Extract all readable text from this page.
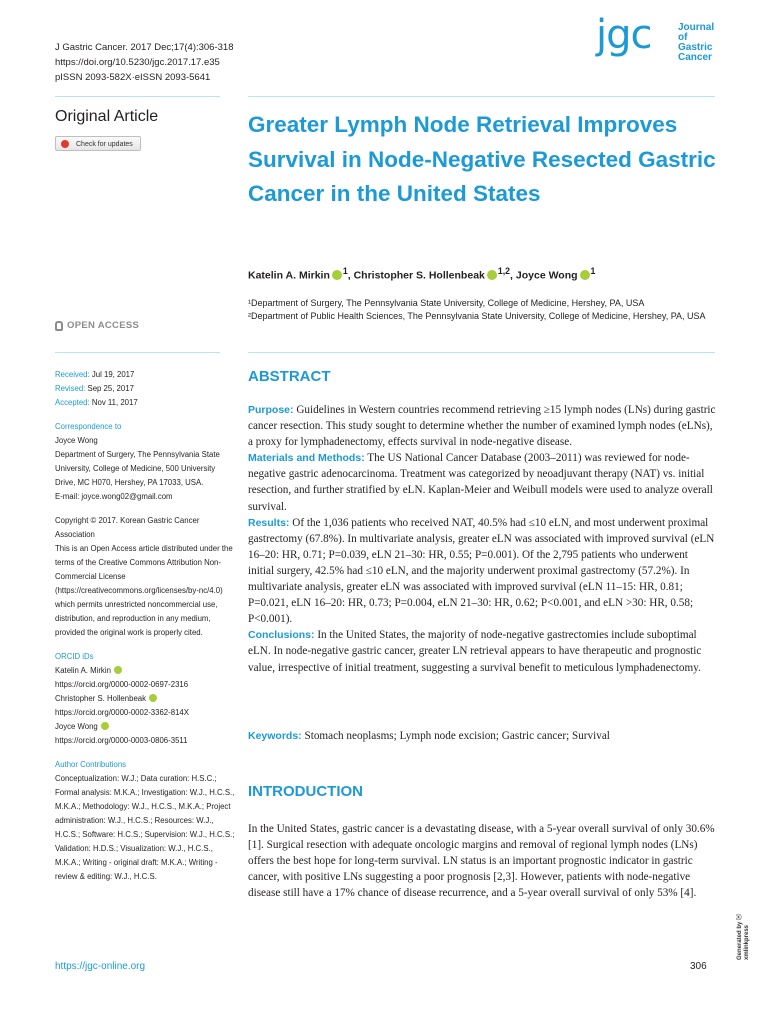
J Gastric Cancer. 2017 Dec;17(4):306-318
https://doi.org/10.5230/jgc.2017.17.e35
pISSN 2093-582X·eISSN 2093-5641
jgc	Journal
of
Gastric
Cancer
Original Article
Check for updates
Greater Lymph Node Retrieval Improves Survival in Node-Negative Resected Gastric Cancer in the United States
Katelin A. Mirkin $^1$, Christopher S. Hollenbeak $^{1,2}$, Joyce Wong $^1$

¹Department of Surgery, The Pennsylvania State University, College of Medicine, Hershey, PA, USA

²Department of Public Health Sciences, The Pennsylvania State University, College of Medicine, Hershey, PA, USA

OPEN ACCESS

Received: Jul 19, 2017

Revised: Sep 25, 2017

Accepted: Nov 11, 2017

Correspondence to

Joyce Wong

Department of Surgery, The Pennsylvania State University, College of Medicine, 500 University Drive, MC H070, Hershey, PA 17033, USA.

E-mail: joyce.wong02@gmail.com

Copyright © 2017. Korean Gastric Cancer Association

This is an Open Access article distributed under the terms of the Creative Commons Attribution Non-Commercial License (https://creativecommons.org/licenses/by-nc/4.0) which permits unrestricted noncommercial use, distribution, and reproduction in any medium, provided the original work is properly cited.

ORCID iDs

Katelin A. Mirkin

https://orcid.org/0000-0002-0697-2316

Christopher S. Hollenbeak

https://orcid.org/0000-0002-3362-814X

Joyce Wong

https://orcid.org/0000-0003-0806-3511

Author Contributions

Conceptualization: W.J.; Data curation: H.S.C.; Formal analysis: M.K.A.; Investigation: W.J., H.C.S., M.K.A.; Methodology: W.J., H.C.S., M.K.A.; Project administration: W.J., H.C.S.; Resources: W.J., H.C.S.; Software: H.C.S.; Supervision: W.J., H.C.S.; Validation: H.D.S.; Visualization: W.J., H.C.S., M.K.A.; Writing - original draft: M.K.A.; Writing - review & editing: W.J., H.C.S.

ABSTRACT

Purpose: Guidelines in Western countries recommend retrieving ≥15 lymph nodes (LNs) during gastric cancer resection. This study sought to determine whether the number of examined lymph nodes (eLNs), a proxy for lymphadenectomy, effects survival in node-negative disease.

Materials and Methods: The US National Cancer Database (2003–2011) was reviewed for node-negative gastric adenocarcinoma. Treatment was categorized by neoadjuvant therapy (NAT) vs. initial resection, and further stratified by eLN. Kaplan-Meier and Weibull models were used to analyze overall survival.

Results: Of the 1,036 patients who received NAT, 40.5% had ≤10 eLN, and most underwent proximal gastrectomy (67.8%). In multivariate analysis, greater eLN was associated with improved survival (eLN 16–20: HR, 0.71; P=0.039, eLN 21–30: HR, 0.55; P=0.001). Of the 2,795 patients who underwent initial surgery, 42.5% had ≤10 eLN, and the majority underwent proximal gastrectomy (57.2%). In multivariate analysis, greater eLN was associated with improved survival (eLN 11–15: HR, 0.81; P=0.021, eLN 16–20: HR, 0.73; P=0.004, eLN 21–30: HR, 0.62; P<0.001, and eLN >30: HR, 0.58; P<0.001).

Conclusions: In the United States, the majority of node-negative gastrectomies include suboptimal eLN. In node-negative gastric cancer, greater LN retrieval appears to have therapeutic and prognostic value, irrespective of initial treatment, suggesting a survival benefit to meticulous lymphadenectomy.

Keywords: Stomach neoplasms; Lymph node excision; Gastric cancer; Survival
INTRODUCTION

In the United States, gastric cancer is a devastating disease, with a 5-year overall survival of only 30.6% [1]. Surgical resection with adequate oncologic margins and removal of regional lymph nodes (LNs) offers the best hope for long-term survival. LN status is an important prognostic indicator in gastric cancer, with positive LNs suggesting a poor prognosis [2,3]. However, patients with node-negative disease still have a 17% chance of disease recurrence, and a 5-year overall survival of only 53% [4].

https://jgc-online.org	306
Generated by ⓧ xmlinkpress
